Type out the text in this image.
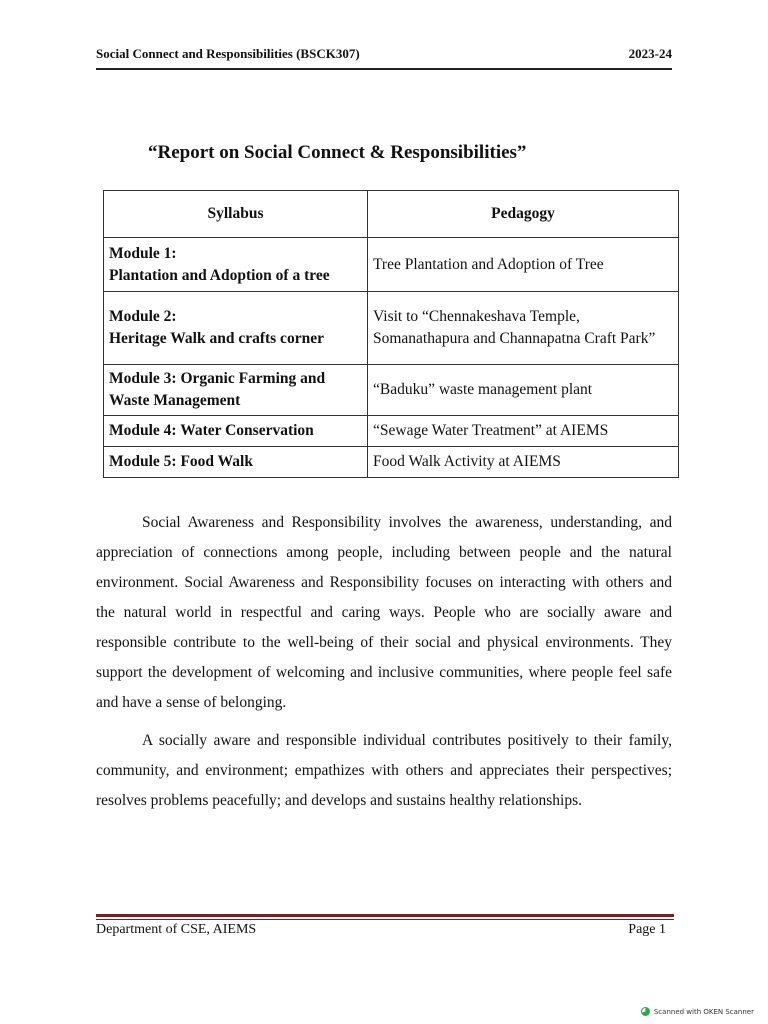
Social Connect and Responsibilities (BSCK307)	2023-24
“Report on Social Connect & Responsibilities”
Syllabus	Pedagogy

Module 1:
Plantation and Adoption of a tree	Tree Plantation and Adoption of Tree

Module 2:
Heritage Walk and crafts corner	Visit to “Chennakeshava Temple, Somanathapura and Channapatna Craft Park”

Module 3: Organic Farming and
Waste Management	“Baduku” waste management plant
Module 4: Water Conservation	“Sewage Water Treatment” at AIEMS
Module 5: Food Walk	Food Walk Activity at AIEMS

Social Awareness and Responsibility involves the awareness, understanding, and appreciation of connections among people, including between people and the natural environment. Social Awareness and Responsibility focuses on interacting with others and the natural world in respectful and caring ways. People who are socially aware and responsible contribute to the well-being of their social and physical environments. They support the development of welcoming and inclusive communities, where people feel safe and have a sense of belonging.

A socially aware and responsible individual contributes positively to their family, community, and environment; empathizes with others and appreciates their perspectives; resolves problems peacefully; and develops and sustains healthy relationships.

Department of CSE, AIEMS	Page 1
Scanned with OKEN Scanner
